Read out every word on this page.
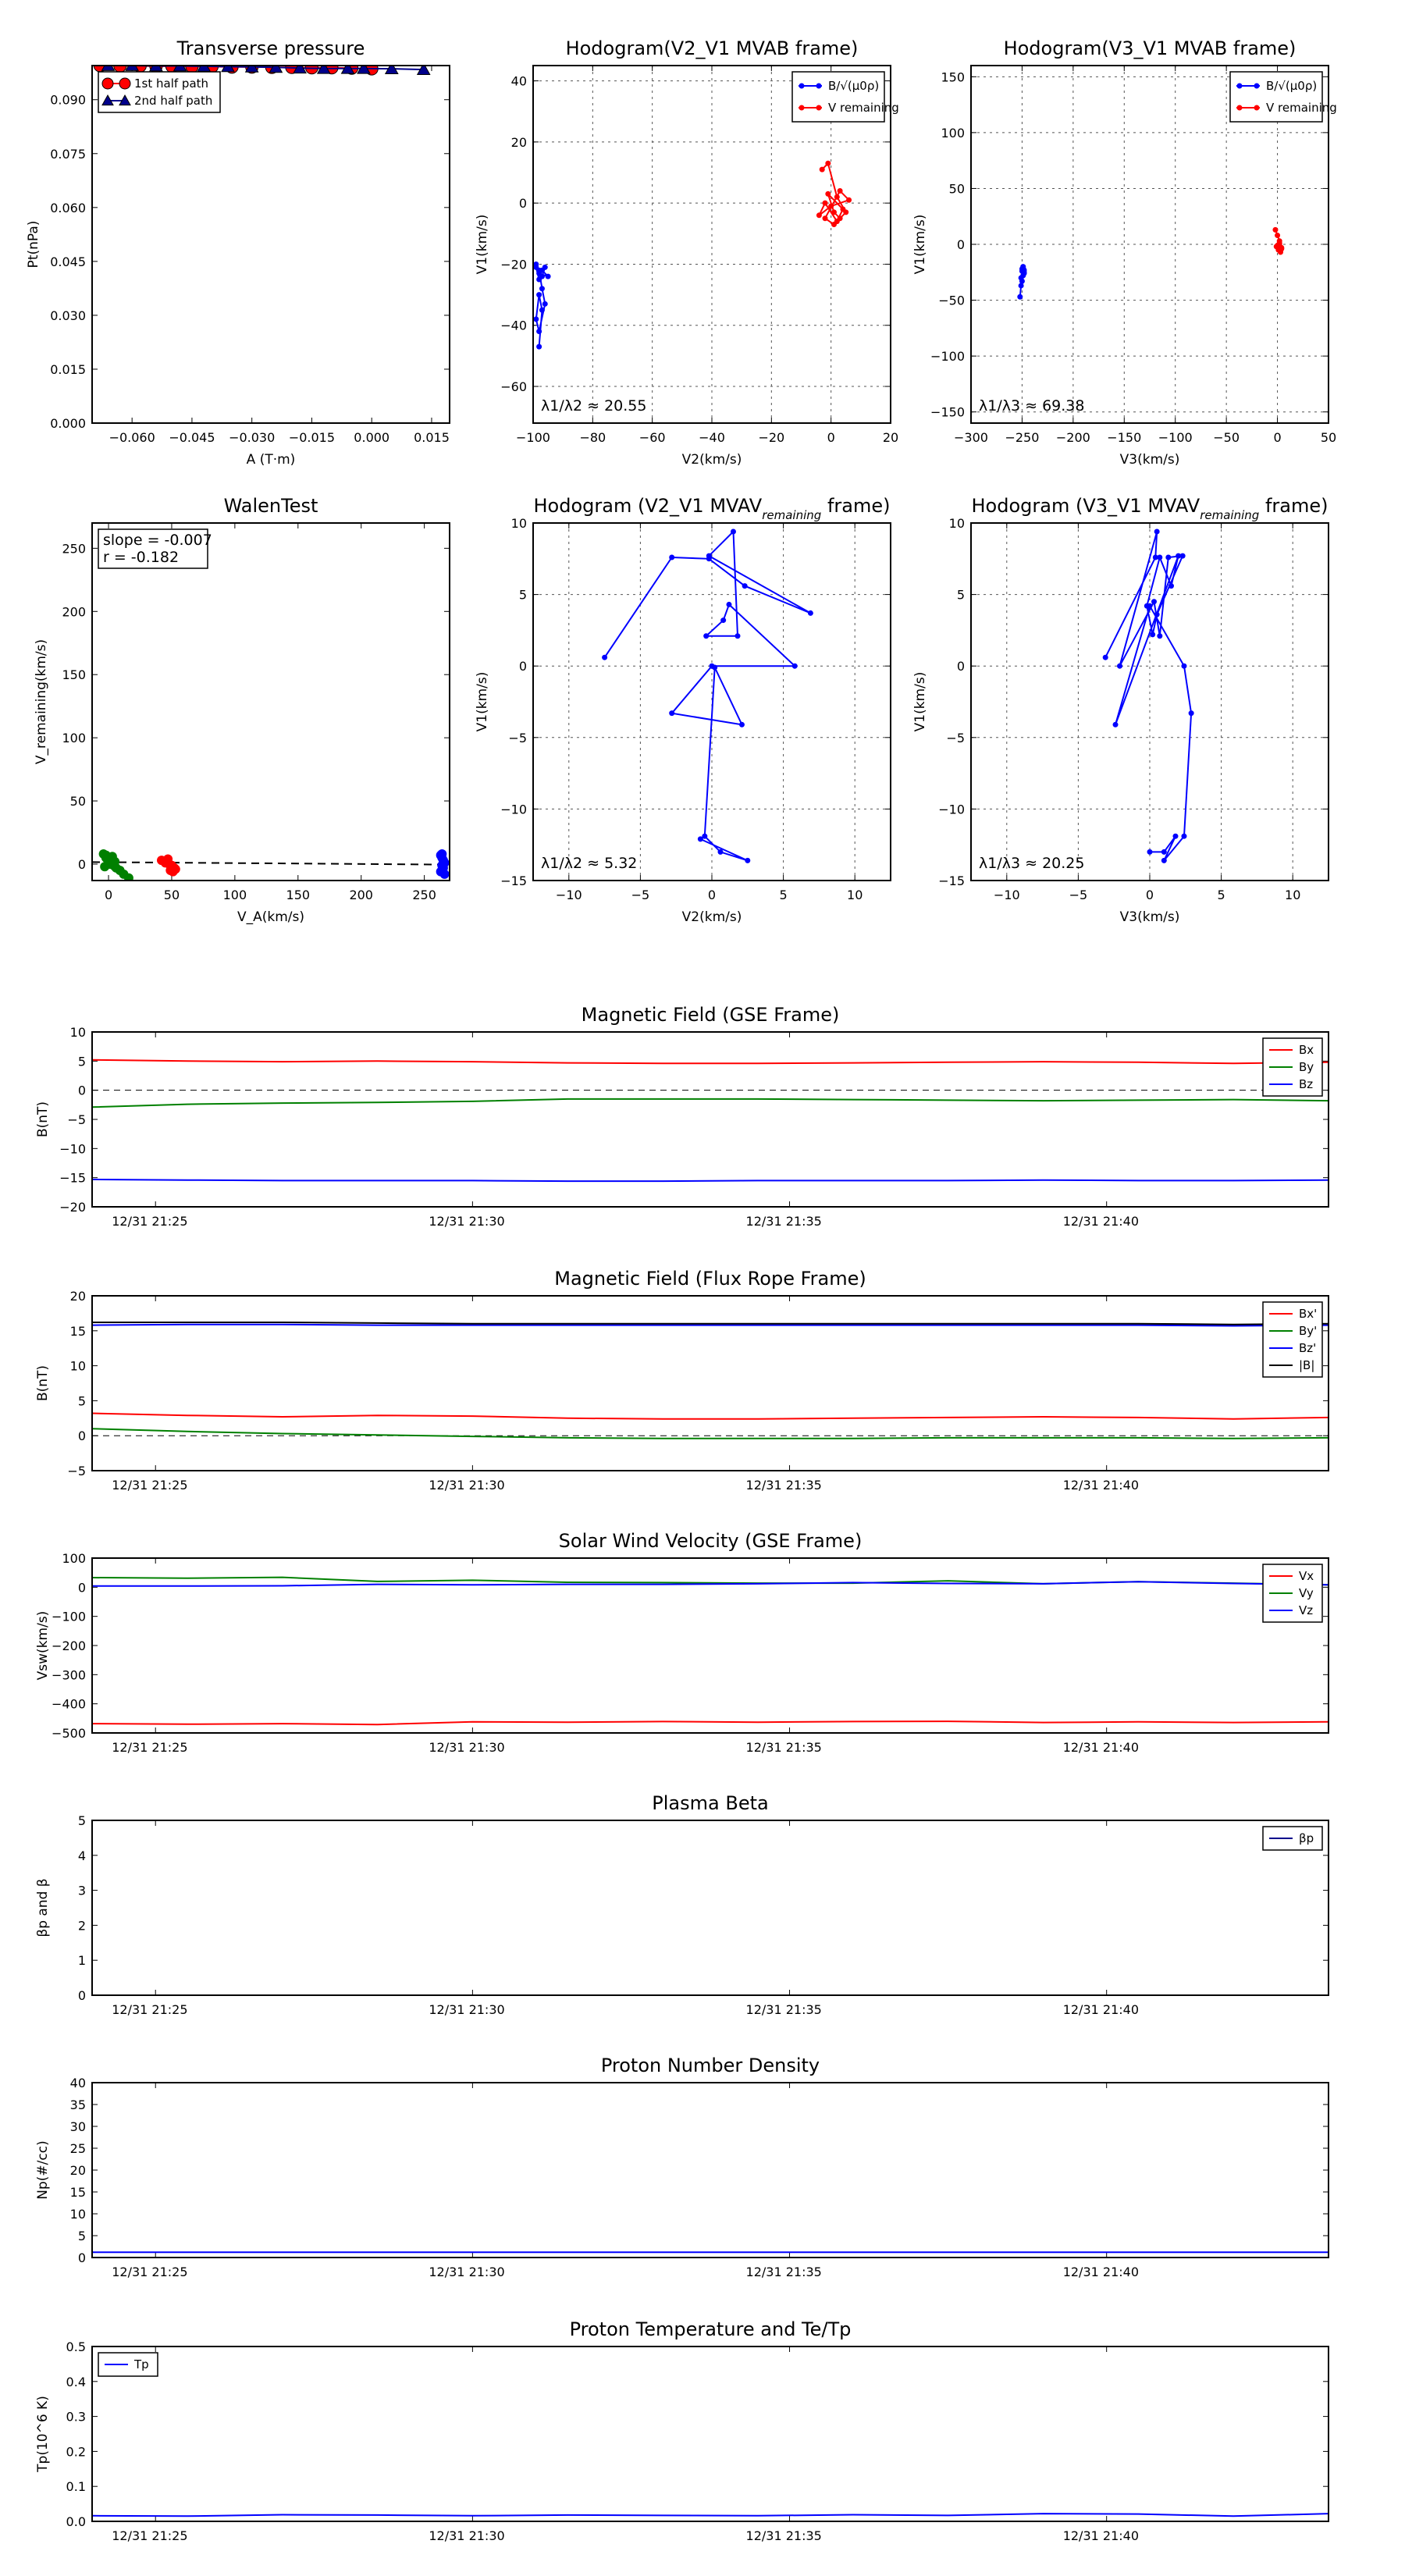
Transverse pressure
−0.060 −0.045 −0.030 −0.015 0.000 0.015
0.000
0.015
0.030
0.045
0.060
0.075
0.090
A (T·m)
Pt(nPa)
1st half path
2nd half path
Hodogram(V2_V1 MVAB frame)
−100 −80	−60	−40	−20	0	20
−60
−40
−20
0
20
40
V2(km/s)
V1(km/s)
λ1/λ2 ≈ 20.55
B/√(μ0ρ)
V remaining
Hodogram(V3_V1 MVAB frame)
−300 −250 −200 −150 −100 −50	0	50
−150
−100
−50
0
50
100
150
V3(km/s)
V1(km/s)
λ1/λ3 ≈ 69.38
B/√(μ0ρ)
V remaining
WalenTest
0	50	100	150	200	250
0
50
100
150
200
250
V_A(km/s)
V_remaining(km/s)
slope = -0.007
r = -0.182
Hodogram (V2_V1 $MVAV_{remaining}$ frame)
−10	−5	0	5	10
−15
−10
−5
0
5
10
V2(km/s)
V1(km/s)
λ1/λ2 ≈ 5.32
Hodogram (V3_V1 $MVAV_{remaining}$ frame)
−10	−5	0	5	10
−15
−10
−5
0
5
10
V3(km/s)
V1(km/s)
λ1/λ3 ≈ 20.25
Magnetic Field (GSE Frame)
12/31 21:25	12/31 21:30	12/31 21:35	12/31 21:40
−20
−15
−10
−5
0
5
10
B(nT)
Bx
By
Bz
Magnetic Field (Flux Rope Frame)
12/31 21:25	12/31 21:30	12/31 21:35	12/31 21:40
−5
0
5
10
15
20
B(nT)
Bx'
By'
Bz'
|B|
Solar Wind Velocity (GSE Frame)
12/31 21:25	12/31 21:30	12/31 21:35	12/31 21:40
−500
−400
−300
−200
−100
0
100
Vsw(km/s)
Vx
Vy
Vz
Plasma Beta
12/31 21:25	12/31 21:30	12/31 21:35	12/31 21:40
0
1
2
3
4
5
βp and β
βp
Proton Number Density
12/31 21:25	12/31 21:30	12/31 21:35	12/31 21:40
0
5
10
15
20
25
30
35
40
Np(#/cc)
Proton Temperature and Te/Tp
12/31 21:25	12/31 21:30	12/31 21:35	12/31 21:40
0.0
0.1
0.2
0.3
0.4
0.5
Tp(10^6 K)
Tp
